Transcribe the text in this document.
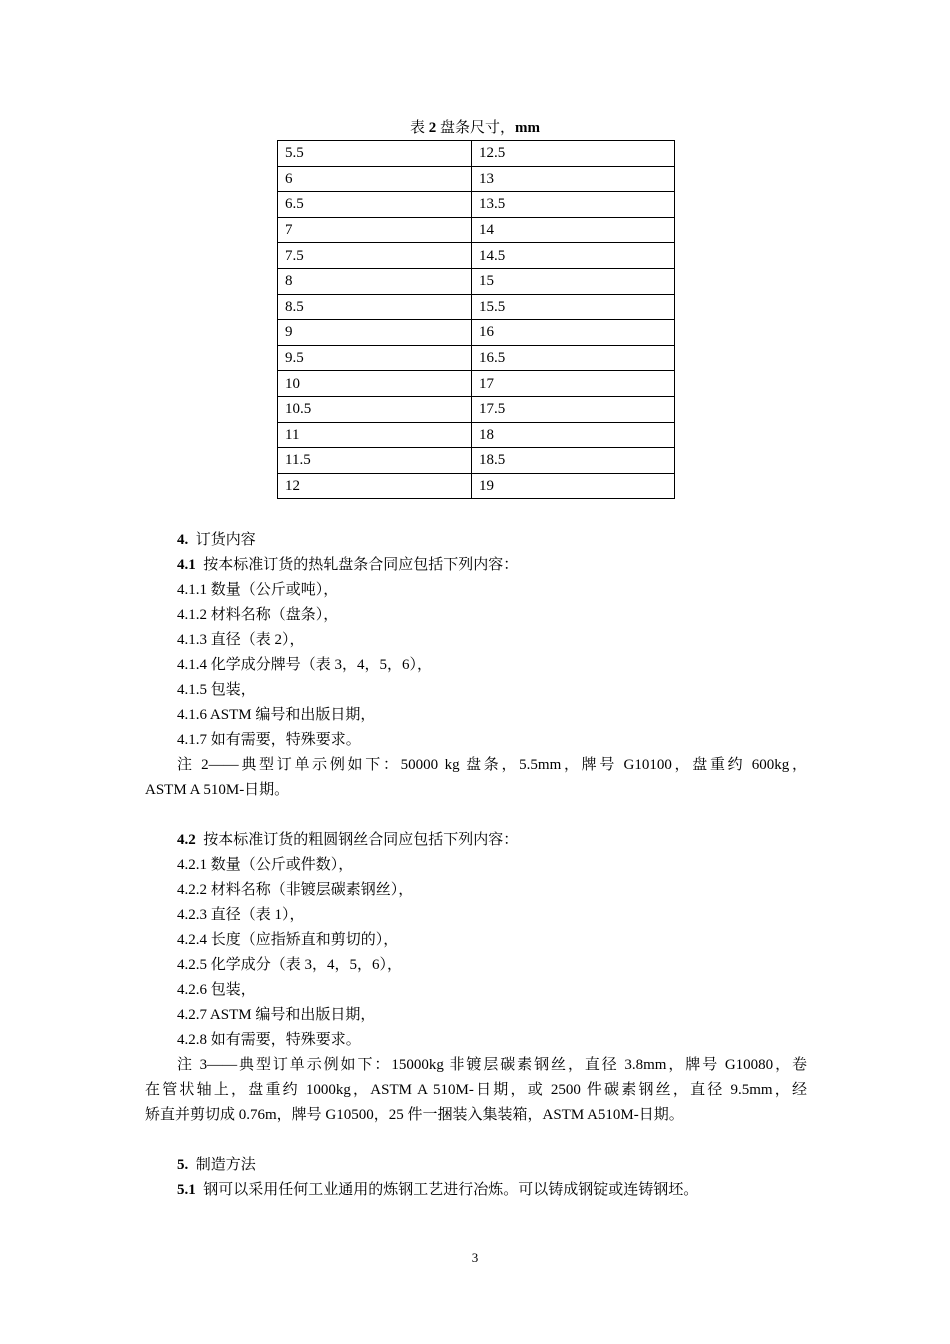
表 2 盘条尺寸，mm
5.5	12.5
6	13
6.5	13.5
7	14
7.5	14.5
8	15
8.5	15.5
9	16
9.5	16.5
10	17
10.5	17.5
11	18
11.5	18.5
12	19
4. 订货内容
4.1 按本标准订货的热轧盘条合同应包括下列内容：
4.1.1 数量（公斤或吨），
4.1.2 材料名称（盘条），
4.1.3 直径（表 2），
4.1.4 化学成分牌号（表 3，4，5，6），
4.1.5 包装，
4.1.6 ASTM 编号和出版日期，
4.1.7 如有需要，特殊要求。
注 2——典型订单示例如下：50000 kg 盘条，5.5mm，牌号 G10100，盘重约 600kg，
ASTM A 510M-日期。
4.2 按本标准订货的粗圆钢丝合同应包括下列内容：
4.2.1 数量（公斤或件数），
4.2.2 材料名称（非镀层碳素钢丝），
4.2.3 直径（表 1），
4.2.4 长度（应指矫直和剪切的），
4.2.5 化学成分（表 3，4，5，6），
4.2.6 包装，
4.2.7 ASTM 编号和出版日期，
4.2.8 如有需要，特殊要求。
注 3——典型订单示例如下：15000kg 非镀层碳素钢丝，直径 3.8mm，牌号 G10080，卷
在管状轴上，盘重约 1000kg，ASTM A 510M-日期，或 2500 件碳素钢丝，直径 9.5mm，经
矫直并剪切成 0.76m，牌号 G10500，25 件一捆装入集装箱，ASTM A510M-日期。
5. 制造方法
5.1 钢可以采用任何工业通用的炼钢工艺进行冶炼。可以铸成钢锭或连铸钢坯。
3
